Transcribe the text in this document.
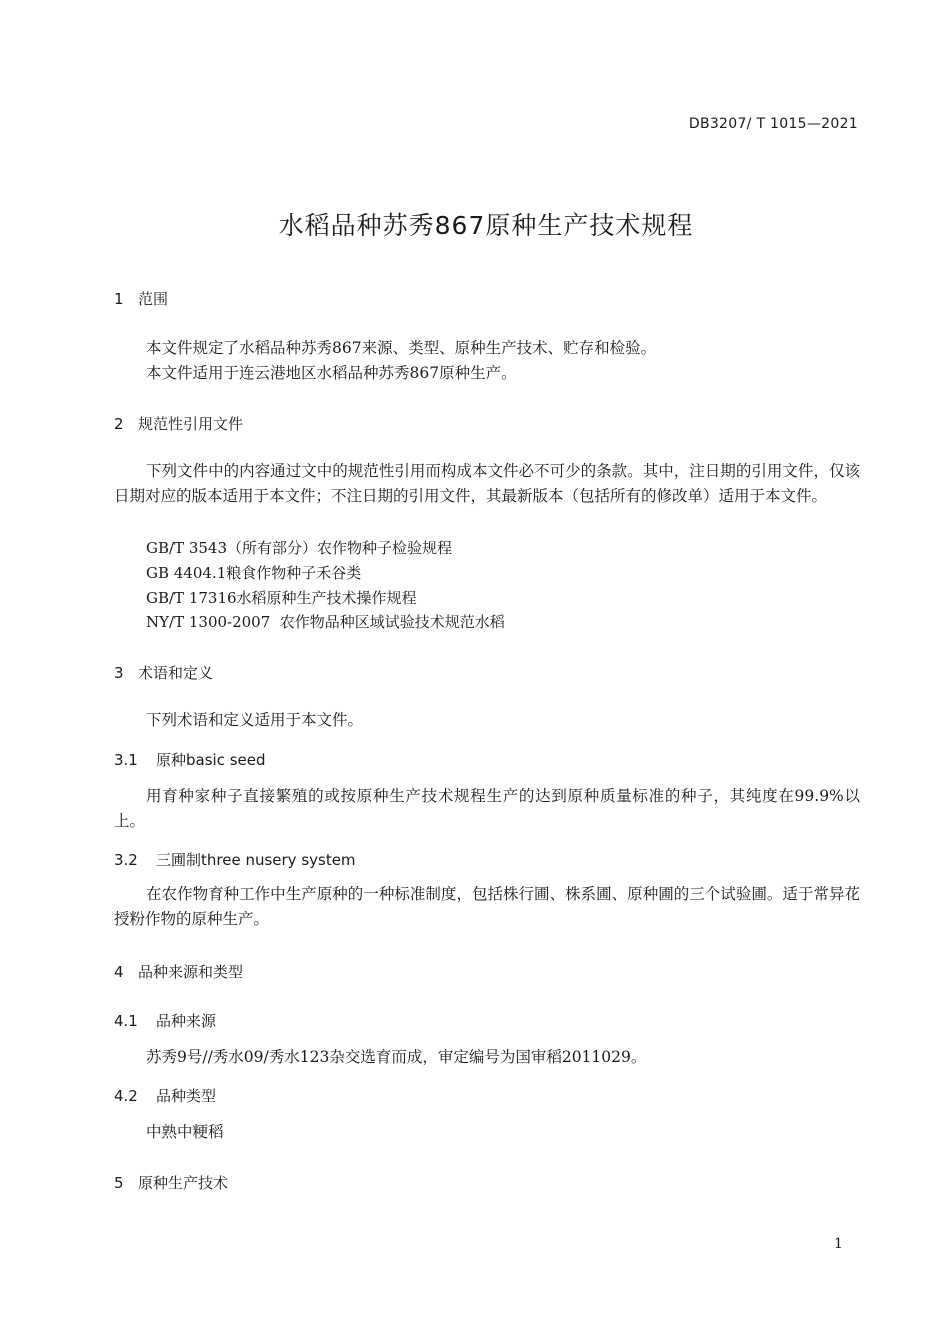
DB3207/ T 1015—2021
水稻品种苏秀867原种生产技术规程
1 范围
本文件规定了水稻品种苏秀867来源、类型、原种生产技术、贮存和检验。
本文件适用于连云港地区水稻品种苏秀867原种生产。
2 规范性引用文件
下列文件中的内容通过文中的规范性引用而构成本文件必不可少的条款。其中，注日期的引用文件，仅该日期对应的版本适用于本文件；不注日期的引用文件，其最新版本（包括所有的修改单）适用于本文件。
GB/T 3543（所有部分）农作物种子检验规程
GB 4404.1粮食作物种子禾谷类
GB/T 17316水稻原种生产技术操作规程
NY/T 1300-2007  农作物品种区域试验技术规范水稻
3 术语和定义
下列术语和定义适用于本文件。
3.1 原种basic seed
用育种家种子直接繁殖的或按原种生产技术规程生产的达到原种质量标准的种子，其纯度在99.9%以上。
3.2 三圃制three nusery system
在农作物育种工作中生产原种的一种标准制度，包括株行圃、株系圃、原种圃的三个试验圃。适于常异花授粉作物的原种生产。
4 品种来源和类型
4.1 品种来源
苏秀9号//秀水09/秀水123杂交选育而成，审定编号为国审稻2011029。
4.2 品种类型
中熟中粳稻
5 原种生产技术
1
